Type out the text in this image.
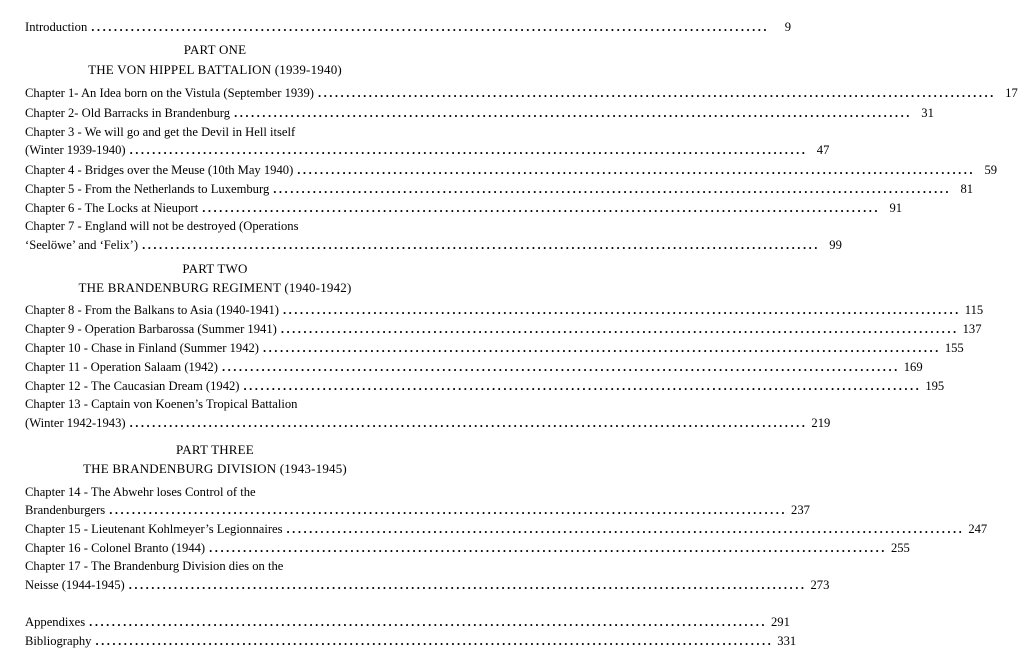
Introduction ........................................................................................................................	9
PART ONE
THE VON HIPPEL BATTALION (1939-1940)
Chapter 1- An Idea born on the Vistula (September 1939) ........................................................................................................................ 17
Chapter 2- Old Barracks in Brandenburg ........................................................................................................................ 31
Chapter 3 - We will go and get the Devil in Hell itself
(Winter 1939-1940) ........................................................................................................................ 47
Chapter 4 - Bridges over the Meuse (10th May 1940) ........................................................................................................................ 59
Chapter 5 - From the Netherlands to Luxemburg ........................................................................................................................ 81
Chapter 6 - The Locks at Nieuport ........................................................................................................................ 91
Chapter 7 - England will not be destroyed (Operations
‘Seelöwe’ and ‘Felix’) ........................................................................................................................ 99
PART TWO
THE BRANDENBURG REGIMENT (1940-1942)
Chapter 8 - From the Balkans to Asia (1940-1941) ........................................................................................................................ 115
Chapter 9 - Operation Barbarossa (Summer 1941) ........................................................................................................................ 137
Chapter 10 - Chase in Finland (Summer 1942) ........................................................................................................................ 155
Chapter 11 - Operation Salaam (1942) ........................................................................................................................ 169
Chapter 12 - The Caucasian Dream (1942) ........................................................................................................................ 195
Chapter 13 - Captain von Koenen’s Tropical Battalion
(Winter 1942-1943) ........................................................................................................................ 219
PART THREE
THE BRANDENBURG DIVISION (1943-1945)
Chapter 14 - The Abwehr loses Control of the
Brandenburgers ........................................................................................................................ 237
Chapter 15 - Lieutenant Kohlmeyer’s Legionnaires ........................................................................................................................ 247
Chapter 16 - Colonel Branto (1944) ........................................................................................................................ 255
Chapter 17 - The Brandenburg Division dies on the
Neisse (1944-1945) ........................................................................................................................ 273
Appendixes ........................................................................................................................ 291
Bibliography ........................................................................................................................ 331
